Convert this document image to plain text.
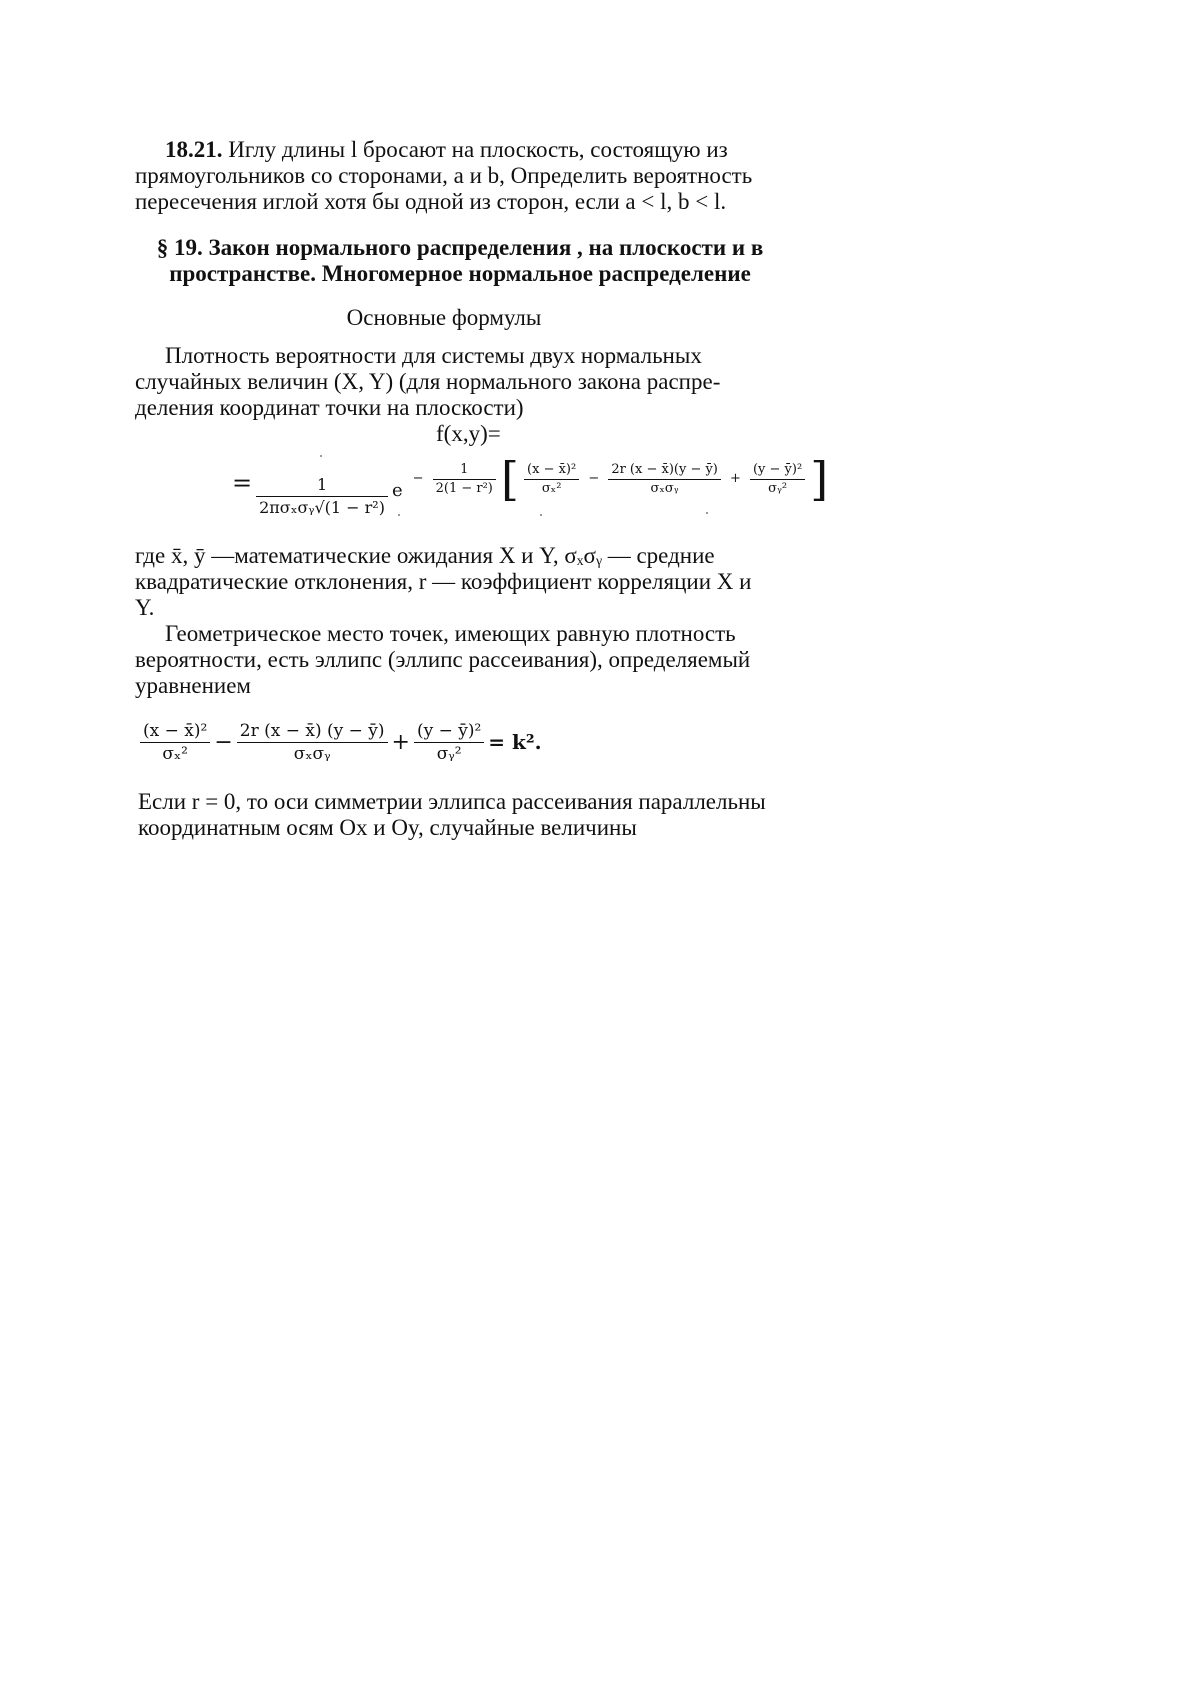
18.21. Иглу длины l бросают на плоскость, состоящую из
прямоугольников со сторонами, a и b, Определить вероятность
пересечения иглой хотя бы одной из сторон, если a < l, b < l.
§ 19. Закон нормального распределения , на плоскости и в
пространстве. Многомерное нормальное распределение
Основные формулы
Плотность вероятности для системы двух нормальных
случайных величин (X, Y) (для нормального закона распре-
деления координат точки на плоскости)
f(x,y)=
= $\frac{1}{\text{2πσₓσᵧ√(1 − r²)}}$ e
− $\frac{1}{\text{2(1 − r²)}}$ [ $\frac{\text{(x − x̄)²}}{\text{σₓ²}} - \frac{2r (x - x̄)(y - ȳ)}{\text{σₓσᵧ}} + \frac{\text{(y − ȳ)²}}{\text{σᵧ²}}$ ]
где x̄, ȳ —математические ожидания X и Y, σₓσᵧ — средние
квадратические отклонения, r — коэффициент корреляции X и
Y.
Геометрическое место точек, имеющих равную плотность
вероятности, есть эллипс (эллипс рассеивания), определяемый
уравнением
$\frac{\text{(x − x̄)²}}{\text{σₓ²}} - \frac{2r (x - x̄) (y - ȳ)}{\text{σₓσᵧ}} + \frac{\text{(y − ȳ)²}}{\text{σᵧ²}} = k^2$.
Если r = 0, то оси симметрии эллипса рассеивания параллельны
координатным осям Ox и Oy, случайные величины
